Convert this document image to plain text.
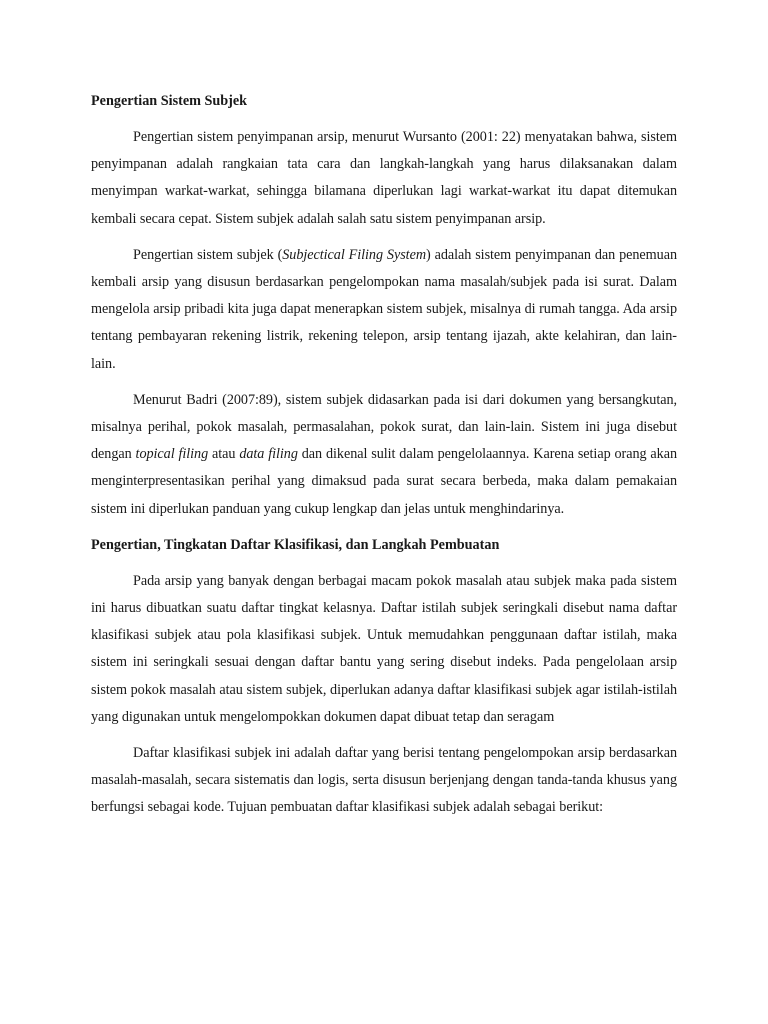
Pengertian Sistem Subjek

Pengertian sistem penyimpanan arsip, menurut Wursanto (2001: 22) menyatakan bahwa, sistem penyimpanan adalah rangkaian tata cara dan langkah-langkah yang harus dilaksanakan dalam menyimpan warkat-warkat, sehingga bilamana diperlukan lagi warkat-warkat itu dapat ditemukan kembali secara cepat. Sistem subjek adalah salah satu sistem penyimpanan arsip.

Pengertian sistem subjek (Subjectical Filing System) adalah sistem penyimpanan dan penemuan kembali arsip yang disusun berdasarkan pengelompokan nama masalah/subjek pada isi surat. Dalam mengelola arsip pribadi kita juga dapat menerapkan sistem subjek, misalnya di rumah tangga. Ada arsip tentang pembayaran rekening listrik, rekening telepon, arsip tentang ijazah, akte kelahiran, dan lain-lain.

Menurut Badri (2007:89), sistem subjek didasarkan pada isi dari dokumen yang bersangkutan, misalnya perihal, pokok masalah, permasalahan, pokok surat, dan lain-lain. Sistem ini juga disebut dengan topical filing atau data filing dan dikenal sulit dalam pengelolaannya. Karena setiap orang akan menginterpresentasikan perihal yang dimaksud pada surat secara berbeda, maka dalam pemakaian sistem ini diperlukan panduan yang cukup lengkap dan jelas untuk menghindarinya.

Pengertian, Tingkatan Daftar Klasifikasi, dan Langkah Pembuatan

Pada arsip yang banyak dengan berbagai macam pokok masalah atau subjek maka pada sistem ini harus dibuatkan suatu daftar tingkat kelasnya. Daftar istilah subjek seringkali disebut nama daftar klasifikasi subjek atau pola klasifikasi subjek. Untuk memudahkan penggunaan daftar istilah, maka sistem ini seringkali sesuai dengan daftar bantu yang sering disebut indeks. Pada pengelolaan arsip sistem pokok masalah atau sistem subjek, diperlukan adanya daftar klasifikasi subjek agar istilah-istilah yang digunakan untuk mengelompokkan dokumen dapat dibuat tetap dan seragam

Daftar klasifikasi subjek ini adalah daftar yang berisi tentang pengelompokan arsip berdasarkan masalah-masalah, secara sistematis dan logis, serta disusun berjenjang dengan tanda-tanda khusus yang berfungsi sebagai kode. Tujuan pembuatan daftar klasifikasi subjek adalah sebagai berikut:
